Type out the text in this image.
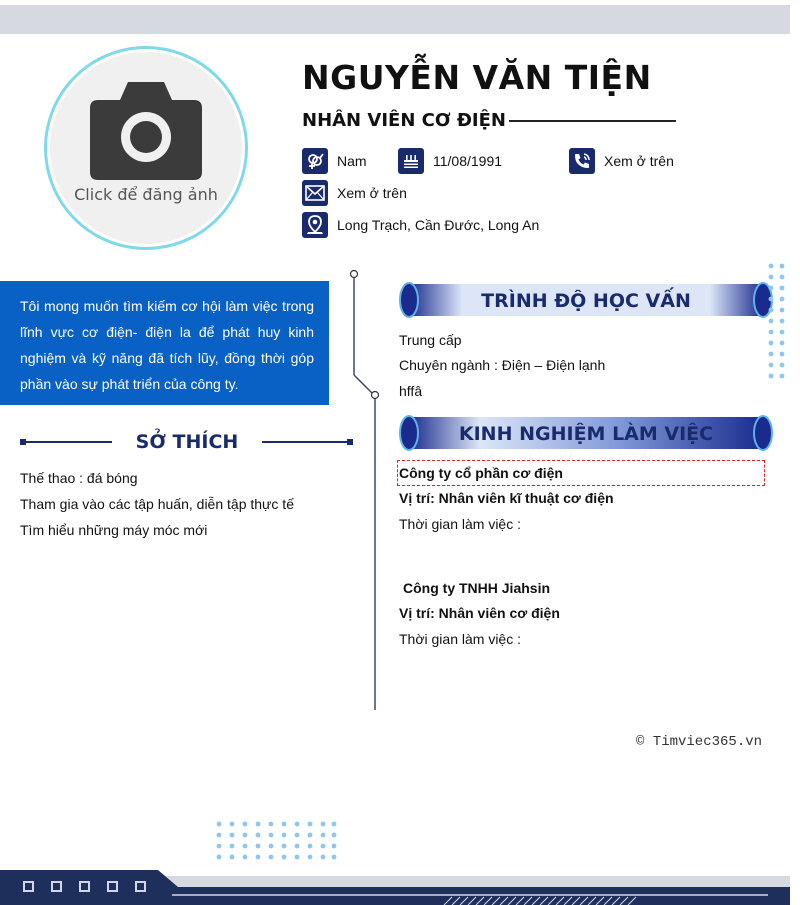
Click để đăng ảnh
NGUYỄN VĂN TIỆN
NHÂN VIÊN CƠ ĐIỆN
Nam	11/08/1991	Xem ở trên
Xem ở trên
Long Trạch, Cần Đước, Long An
Tôi mong muốn tìm kiếm cơ hội làm việc trong lĩnh vực cơ điện- điện la để phát huy kinh nghiệm và kỹ năng đã tích lũy, đồng thời góp phần vào sự phát triển của công ty.
SỞ THÍCH
Thế thao : đá bóng
Tham gia vào các tập huấn, diễn tập thực tế
Tìm hiểu những máy móc mới
TRÌNH ĐỘ HỌC VẤN
Trung cấp
Chuyên ngành : Điện – Điện lạnh
hffâ
KINH NGHIỆM LÀM VIỆC
Công ty cổ phần cơ điện
Vị trí: Nhân viên kĩ thuật cơ điện
Thời gian làm việc :
Công ty TNHH Jiahsin
Vị trí: Nhân viên cơ điện
Thời gian làm việc :
© Timviec365.vn
